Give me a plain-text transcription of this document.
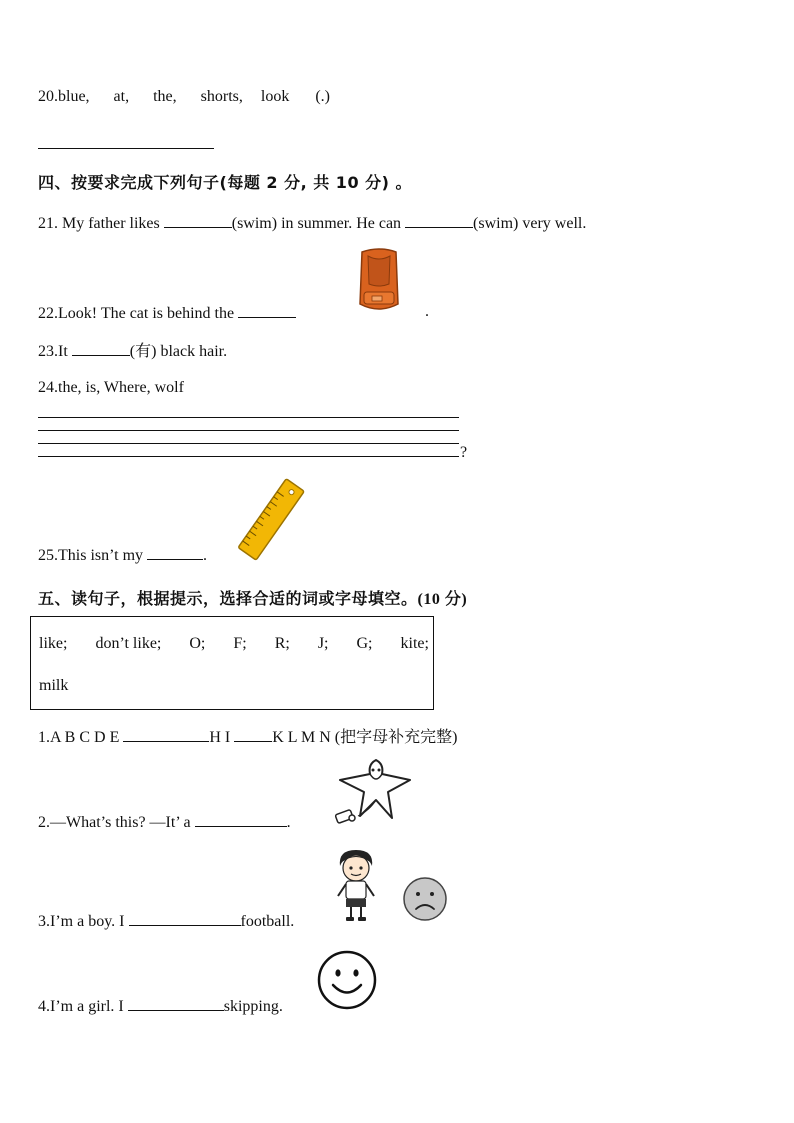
20.blue, at, the, shorts, look (.)
四、按要求完成下列句子(每题 2 分, 共 10 分) 。
21. My father likes	(swim) in summer. He can	(swim) very well.
22.Look! The cat is behind the	.
23.It	(有) black hair.
24.the, is, Where, wolf
?
25.This isn’t my	.
五、读句子，根据提示，选择合适的词或字母填空。(10 分)
like; don’t like; O; F; R; J; G; kite;
milk
1.A B C D E	H I	K L M N (把字母补充完整)
2.—What’s this? —It’ a	.
3.I’m a boy. I	football.
4.I’m a girl. I	skipping.
